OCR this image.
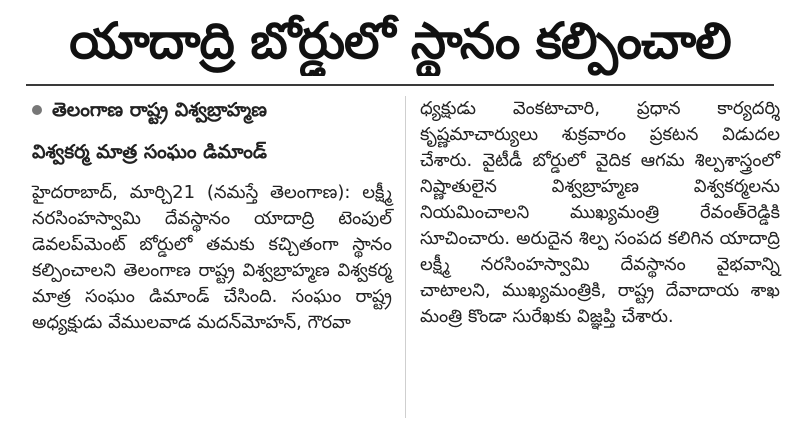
యాదాద్రి బోర్డులో స్థానం కల్పించాలి
తెలంగాణ రాష్ట్ర విశ్వబ్రాహ్మణ
విశ్వకర్మ మాత్ర సంఘం డిమాండ్
హైదరాబాద్, మార్చి21 (నమస్తే తెలంగాణ): లక్ష్మీ నరసింహస్వామి దేవస్థానం యాదాద్రి టెంపుల్ డెవలప్‌మెంట్ బోర్డులో తమకు కచ్చితంగా స్థానం కల్పించాలని తెలంగాణ రాష్ట్ర విశ్వబ్రాహ్మణ విశ్వకర్మ మాత్ర సంఘం డిమాండ్ చేసింది. సంఘం రాష్ట్ర అధ్యక్షుడు వేములవాడ మదన్‌మోహన్, గౌరవా
ధ్యక్షుడు వెంకటాచారి, ప్రధాన కార్యదర్శి కృష్ణమాచార్యులు శుక్రవారం ప్రకటన విడుదల చేశారు. వైటీడీ బోర్డులో వైదిక ఆగమ శిల్పశాస్త్రంలో నిష్ణాతులైన విశ్వబ్రాహ్మణ విశ్వకర్మలను నియమించాలని ముఖ్యమంత్రి రేవంత్‌రెడ్డికి సూచించారు. అరుదైన శిల్ప సంపద కలిగిన యాదాద్రి లక్ష్మీ నరసింహస్వామి దేవస్థానం వైభవాన్ని చాటాలని, ముఖ్యమంత్రికి, రాష్ట్ర దేవాదాయ శాఖ మంత్రి కొండా సురేఖకు విజ్ఞప్తి చేశారు.
